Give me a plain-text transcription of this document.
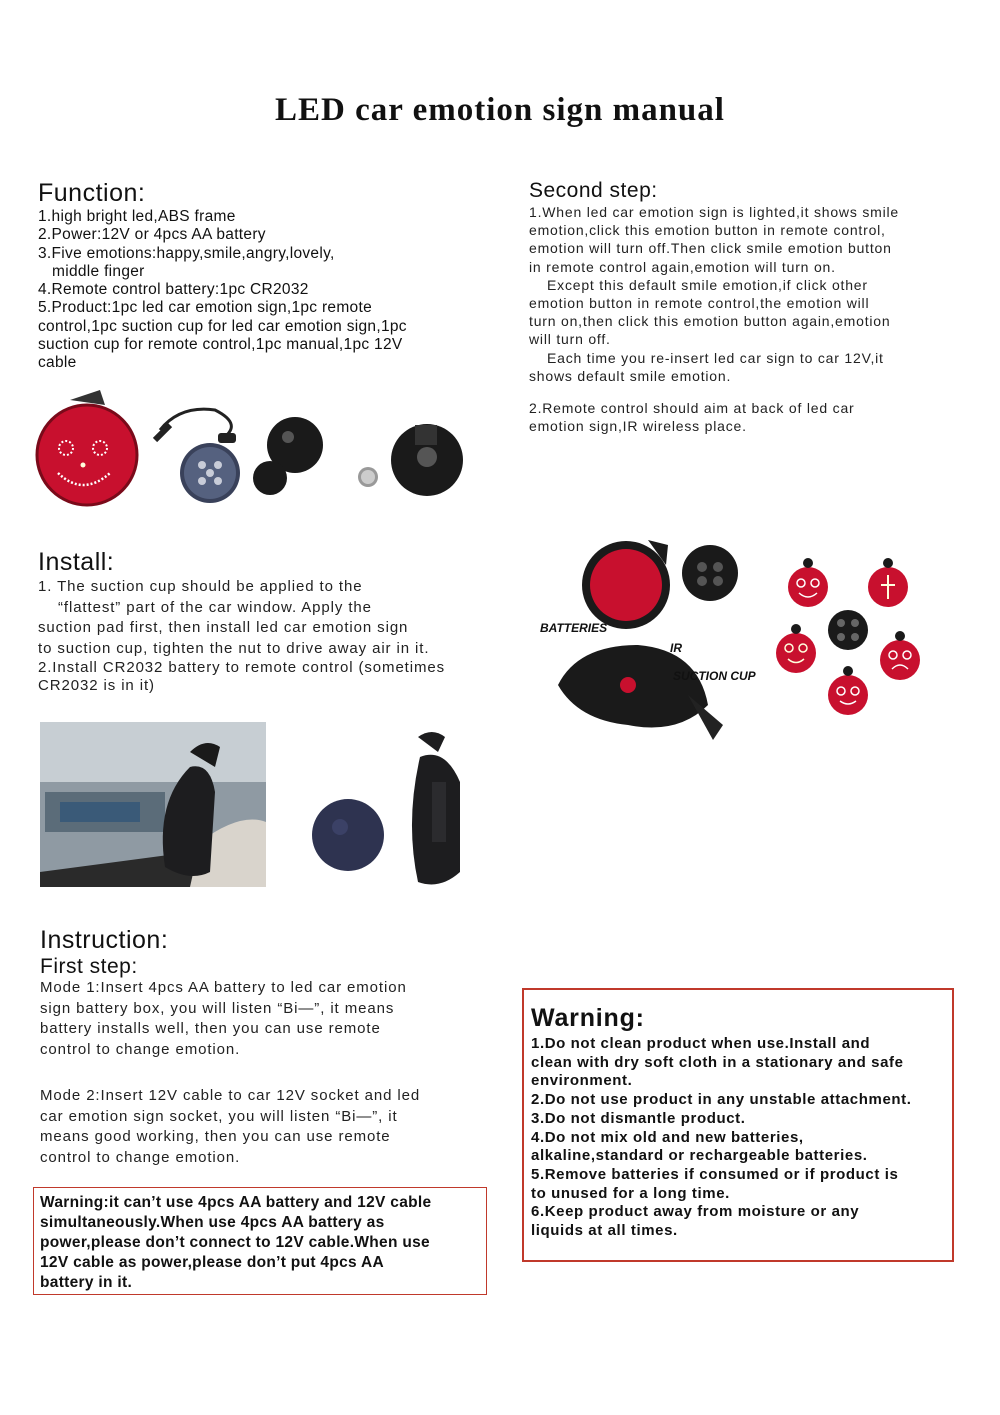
LED car emotion sign manual
Function:

1.high bright led,ABS frame

2.Power:12V or 4pcs AA battery

3.Five emotions:happy,smile,angry,lovely,

middle finger

4.Remote control battery:1pc CR2032

5.Product:1pc led car emotion sign,1pc remote

control,1pc suction cup for led car emotion sign,1pc

suction cup for remote control,1pc manual,1pc 12V

cable

Second step:

1.When led car emotion sign is lighted,it shows smile

emotion,click this emotion button in remote control,

emotion will turn off.Then click smile emotion button

in remote control again,emotion will turn on.

Except this default smile emotion,if click other

emotion button in remote control,the emotion will

turn on,then click this emotion button again,emotion

will turn off.

Each time you re-insert led car sign to car 12V,it

shows default smile emotion.

2.Remote control should aim at back of led car

emotion sign,IR wireless place.

BATTERIES
IR
SUCTION CUP
Install:

1. The suction cup should be applied to the

“flattest” part of the car window. Apply the

suction pad first, then install led car emotion sign

to suction cup, tighten the nut to drive away air in it.

2.Install CR2032 battery to remote control (sometimes

CR2032 is in it)

Instruction:
First step:

Mode 1:Insert 4pcs AA battery to led car emotion

sign battery box, you will listen “Bi—”, it means

battery installs well, then you can use remote

control to change emotion.

Mode 2:Insert 12V cable to car 12V socket and led

car emotion sign socket, you will listen “Bi—”, it

means good working, then you can use remote

control to change emotion.

Warning:it can’t use 4pcs AA battery and 12V cable
simultaneously.When use 4pcs AA battery as
power,please don’t connect to 12V cable.When use
12V cable as power,please don’t put 4pcs AA
battery in it.
Warning:

1.Do not clean product when use.Install and

clean with dry soft cloth in a stationary and safe

environment.

2.Do not use product in any unstable attachment.

3.Do not dismantle product.

4.Do not mix old and new batteries,

alkaline,standard or rechargeable batteries.

5.Remove batteries if consumed or if product is

to unused for a long time.

6.Keep product away from moisture or any

liquids at all times.
